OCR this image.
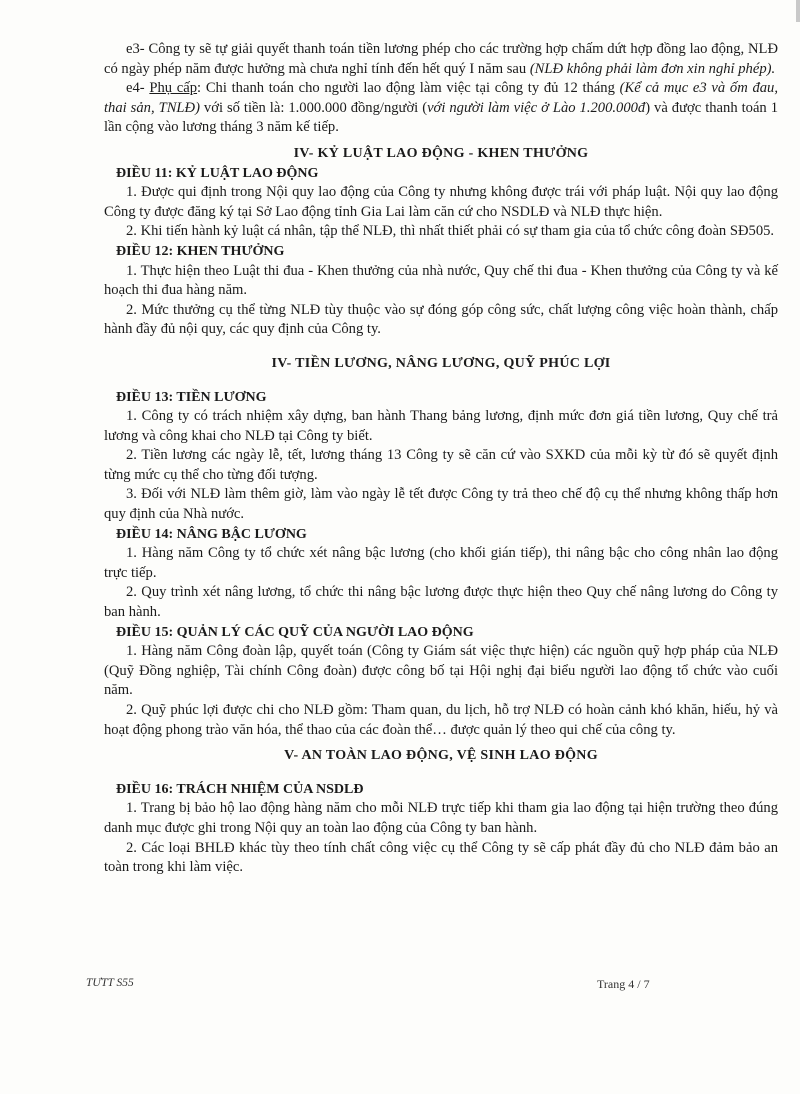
e3- Công ty sẽ tự giải quyết thanh toán tiền lương phép cho các trường hợp chấm dứt hợp đồng lao động, NLĐ có ngày phép năm được hưởng mà chưa nghỉ tính đến hết quý I năm sau (NLĐ không phải làm đơn xin nghỉ phép).

e4- Phụ cấp: Chi thanh toán cho người lao động làm việc tại công ty đủ 12 tháng (Kể cả mục e3 và ốm đau, thai sản, TNLĐ) với số tiền là: 1.000.000 đồng/người (với người làm việc ở Lào 1.200.000đ) và được thanh toán 1 lần cộng vào lương tháng 3 năm kế tiếp.

IV- KỶ LUẬT LAO ĐỘNG - KHEN THƯỞNG

ĐIỀU 11: KỶ LUẬT LAO ĐỘNG

1. Được qui định trong Nội quy lao động của Công ty nhưng không được trái với pháp luật. Nội quy lao động Công ty được đăng ký tại Sở Lao động tỉnh Gia Lai làm căn cứ cho NSDLĐ và NLĐ thực hiện.

2. Khi tiến hành kỷ luật cá nhân, tập thể NLĐ, thì nhất thiết phải có sự tham gia của tổ chức công đoàn SĐ505.

ĐIỀU 12: KHEN THƯỞNG

1. Thực hiện theo Luật thi đua - Khen thưởng của nhà nước, Quy chế thi đua - Khen thưởng của Công ty và kế hoạch thi đua hàng năm.

2. Mức thưởng cụ thể từng NLĐ tùy thuộc vào sự đóng góp công sức, chất lượng công việc hoàn thành, chấp hành đầy đủ nội quy, các quy định của Công ty.

IV- TIỀN LƯƠNG, NÂNG LƯƠNG, QUỸ PHÚC LỢI

ĐIỀU 13: TIỀN LƯƠNG

1. Công ty có trách nhiệm xây dựng, ban hành Thang bảng lương, định mức đơn giá tiền lương, Quy chế trả lương và công khai cho NLĐ tại Công ty biết.

2. Tiền lương các ngày lễ, tết, lương tháng 13 Công ty sẽ căn cứ vào SXKD của mỗi kỳ từ đó sẽ quyết định từng mức cụ thể cho từng đối tượng.

3. Đối với NLĐ làm thêm giờ, làm vào ngày lễ tết được Công ty trả theo chế độ cụ thể nhưng không thấp hơn quy định của Nhà nước.

ĐIỀU 14: NÂNG BẬC LƯƠNG

1. Hàng năm Công ty tổ chức xét nâng bậc lương (cho khối gián tiếp), thi nâng bậc cho công nhân lao động trực tiếp.

2. Quy trình xét nâng lương, tổ chức thi nâng bậc lương được thực hiện theo Quy chế nâng lương do Công ty ban hành.

ĐIỀU 15: QUẢN LÝ CÁC QUỸ CỦA NGƯỜI LAO ĐỘNG

1. Hàng năm Công đoàn lập, quyết toán (Công ty Giám sát việc thực hiện) các nguồn quỹ hợp pháp của NLĐ (Quỹ Đồng nghiệp, Tài chính Công đoàn) được công bố tại Hội nghị đại biểu người lao động tổ chức vào cuối năm.

2. Quỹ phúc lợi được chi cho NLĐ gồm: Tham quan, du lịch, hỗ trợ NLĐ có hoàn cảnh khó khăn, hiếu, hỷ và hoạt động phong trào văn hóa, thể thao của các đoàn thể… được quản lý theo qui chế của công ty.

V- AN TOÀN LAO ĐỘNG, VỆ SINH LAO ĐỘNG

ĐIỀU 16: TRÁCH NHIỆM CỦA NSDLĐ

1. Trang bị bảo hộ lao động hàng năm cho mỗi NLĐ trực tiếp khi tham gia lao động tại hiện trường theo đúng danh mục được ghi trong Nội quy an toàn lao động của Công ty ban hành.

2. Các loại BHLĐ khác tùy theo tính chất công việc cụ thể Công ty sẽ cấp phát đầy đủ cho NLĐ đảm bảo an toàn trong khi làm việc.

TƯTT S55	Trang 4 / 7
